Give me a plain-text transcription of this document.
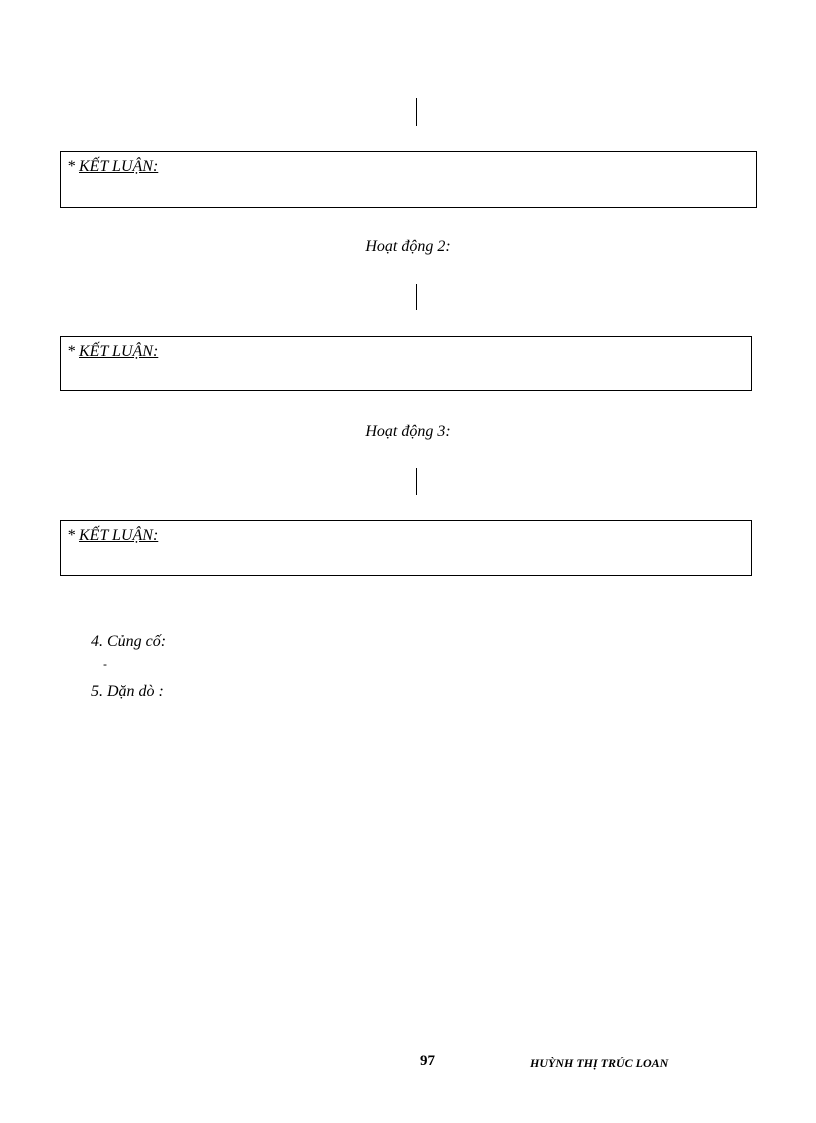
* KẾT LUẬN:
Hoạt động 2:
* KẾT LUẬN:
Hoạt động 3:
* KẾT LUẬN:
4. Củng cố:
-
5. Dặn dò :
97	HUỲNH THỊ TRÚC LOAN
